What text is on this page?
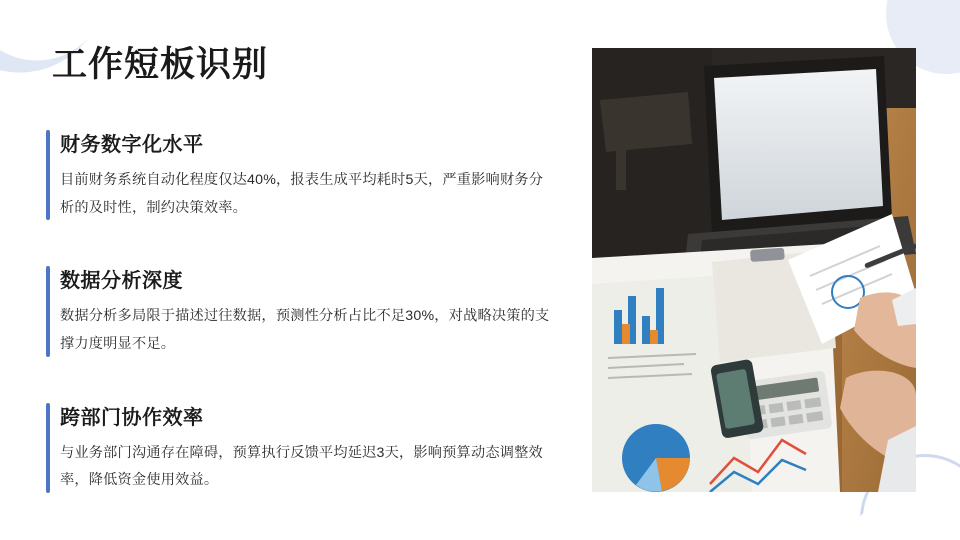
工作短板识别
财务数字化水平

目前财务系统自动化程度仅达40%，报表生成平均耗时5天，严重影响财务分析的及时性，制约决策效率。

数据分析深度

数据分析多局限于描述过往数据，预测性分析占比不足30%，对战略决策的支撑力度明显不足。

跨部门协作效率

与业务部门沟通存在障碍，预算执行反馈平均延迟3天，影响预算动态调整效率，降低资金使用效益。
